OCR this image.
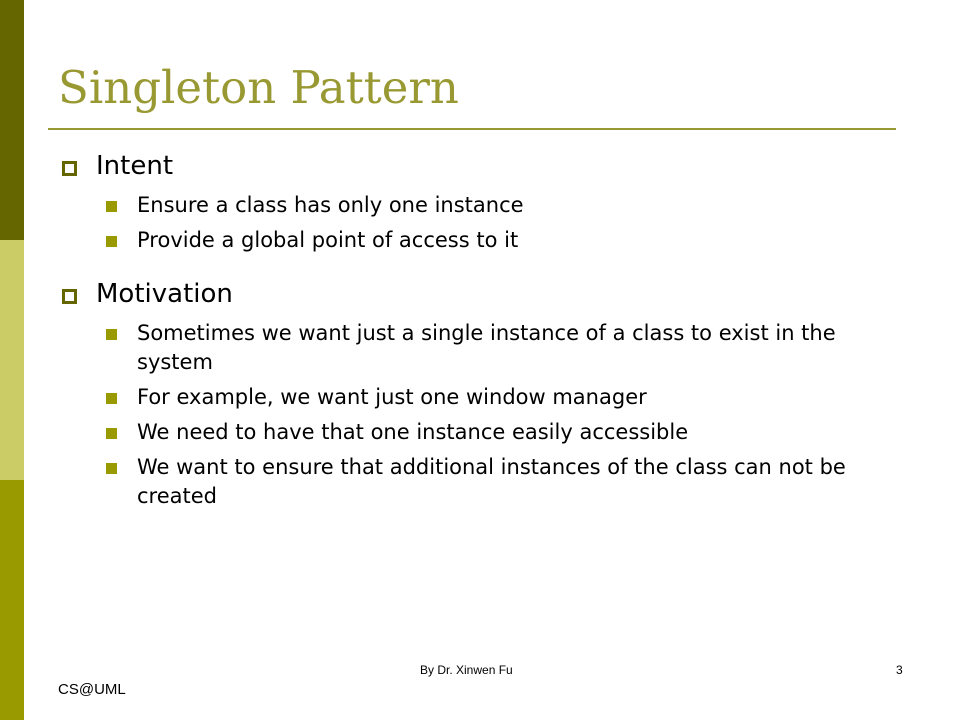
Singleton Pattern
Intent
Ensure a class has only one instance
Provide a global point of access to it
Motivation
Sometimes we want just a single instance of a class to exist in the system
For example, we want just one window manager
We need to have that one instance easily accessible
We want to ensure that additional instances of the class can not be created
By Dr. Xinwen Fu	3
CS@UML
